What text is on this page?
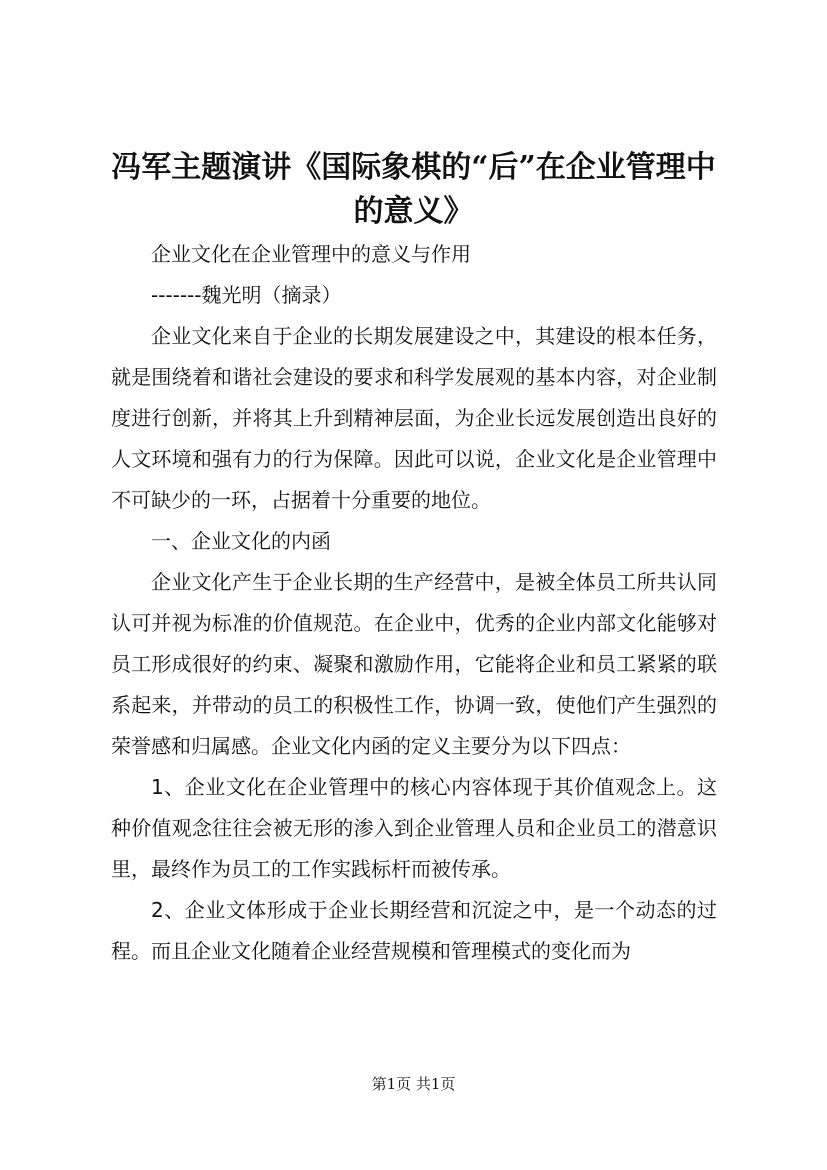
冯军主题演讲《国际象棋的“后”在企业管理中的意义》

企业文化在企业管理中的意义与作用

-------魏光明（摘录）

企业文化来自于企业的长期发展建设之中，其建设的根本任务，就是围绕着和谐社会建设的要求和科学发展观的基本内容，对企业制度进行创新，并将其上升到精神层面，为企业长远发展创造出良好的人文环境和强有力的行为保障。因此可以说，企业文化是企业管理中不可缺少的一环，占据着十分重要的地位。

一、企业文化的内函

企业文化产生于企业长期的生产经营中，是被全体员工所共认同认可并视为标准的价值规范。在企业中，优秀的企业内部文化能够对员工形成很好的约束、凝聚和激励作用，它能将企业和员工紧紧的联系起来，并带动的员工的积极性工作，协调一致，使他们产生强烈的荣誉感和归属感。企业文化内函的定义主要分为以下四点：

1、企业文化在企业管理中的核心内容体现于其价值观念上。这种价值观念往往会被无形的渗入到企业管理人员和企业员工的潜意识里，最终作为员工的工作实践标杆而被传承。

2、企业文体形成于企业长期经营和沉淀之中，是一个动态的过程。而且企业文化随着企业经营规模和管理模式的变化而为

第1页 共1页
